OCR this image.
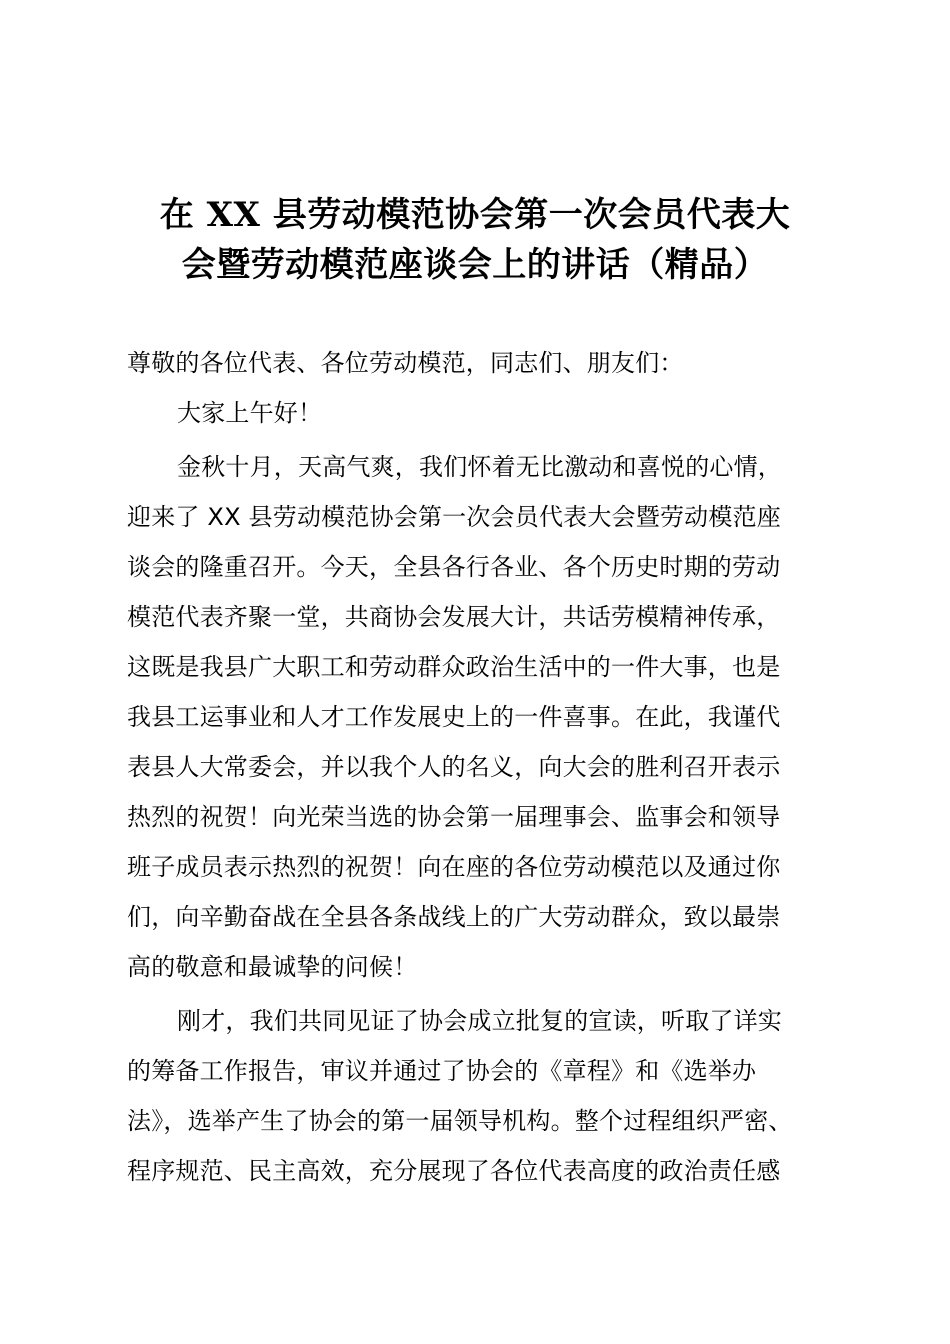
在 XX 县劳动模范协会第一次会员代表大
会暨劳动模范座谈会上的讲话（精品）
尊敬的各位代表、各位劳动模范，同志们、朋友们：
大家上午好！
金秋十月，天高气爽，我们怀着无比激动和喜悦的心情，
迎来了 XX 县劳动模范协会第一次会员代表大会暨劳动模范座
谈会的隆重召开。今天，全县各行各业、各个历史时期的劳动
模范代表齐聚一堂，共商协会发展大计，共话劳模精神传承，
这既是我县广大职工和劳动群众政治生活中的一件大事，也是
我县工运事业和人才工作发展史上的一件喜事。在此，我谨代
表县人大常委会，并以我个人的名义，向大会的胜利召开表示
热烈的祝贺！向光荣当选的协会第一届理事会、监事会和领导
班子成员表示热烈的祝贺！向在座的各位劳动模范以及通过你
们，向辛勤奋战在全县各条战线上的广大劳动群众，致以最崇
高的敬意和最诚挚的问候！
刚才，我们共同见证了协会成立批复的宣读，听取了详实
的筹备工作报告，审议并通过了协会的《章程》和《选举办
法》，选举产生了协会的第一届领导机构。整个过程组织严密、
程序规范、民主高效，充分展现了各位代表高度的政治责任感
